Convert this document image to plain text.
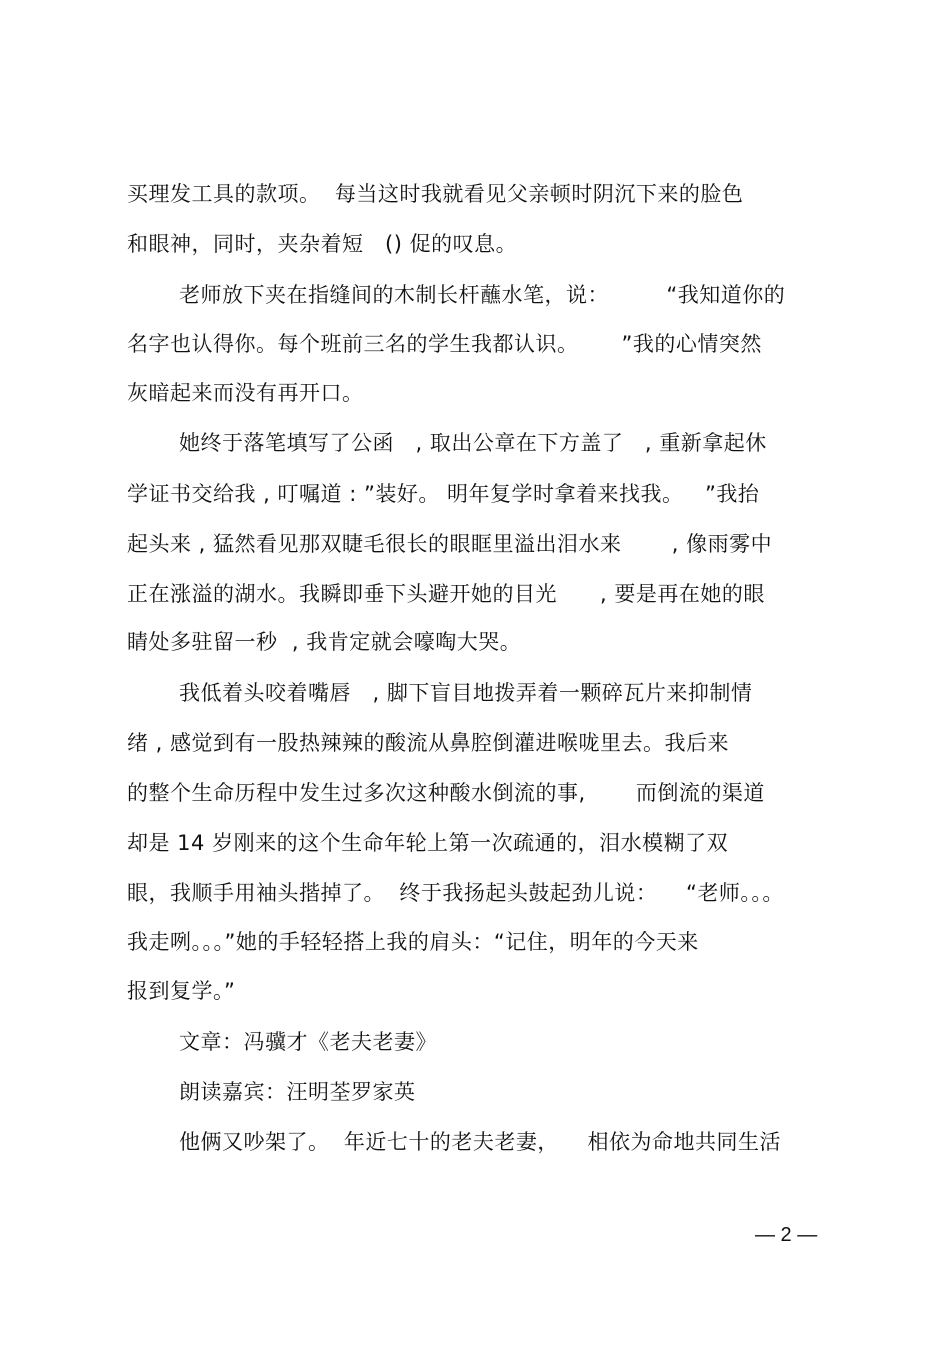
买理发工具的款项。  每当这时我就看见父亲顿时阴沉下来的脸色
和眼神，同时，夹杂着短   () 促的叹息。
老师放下夹在指缝间的木制长杆蘸水笔，说：        “我知道你的
名字也认得你。每个班前三名的学生我都认识。      ”我的心情突然
灰暗起来而没有再开口。
她终于落笔填写了公函   , 取出公章在下方盖了   , 重新拿起休
学证书交给我 , 叮嘱道 : ”装好。 明年复学时拿着来找我。   ”我抬
起头来 , 猛然看见那双睫毛很长的眼眶里溢出泪水来       , 像雨雾中
正在涨溢的湖水。我瞬即垂下头避开她的目光      , 要是再在她的眼
睛处多驻留一秒  , 我肯定就会嚎啕大哭。
我低着头咬着嘴唇   , 脚下盲目地拨弄着一颗碎瓦片来抑制情
绪 , 感觉到有一股热辣辣的酸流从鼻腔倒灌进喉咙里去。我后来
的整个生命历程中发生过多次这种酸水倒流的事,       而倒流的渠道
却是 14 岁刚来的这个生命年轮上第一次疏通的，泪水模糊了双
眼，我顺手用袖头揩掉了。  终于我扬起头鼓起劲儿说：    “老师。。。
我走咧。。。”她的手轻轻搭上我的肩头：“记住，明年的今天来
报到复学。”
文章：冯骥才《老夫老妻》
朗读嘉宾：汪明荃罗家英
他俩又吵架了。  年近七十的老夫老妻，    相依为命地共同生活
— 2 —
